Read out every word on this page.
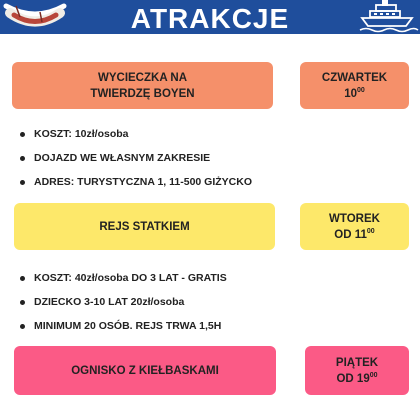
ATRAKCJE
WYCIECZKA NA
TWIERDZĘ BOYEN
CZWARTEK
$10^{00}$
KOSZT: 10zł/osoba
DOJAZD WE WŁASNYM ZAKRESIE
ADRES: TURYSTYCZNA 1, 11-500 GIŻYCKO
REJS STATKIEM
WTOREK
OD $11^{00}$
KOSZT: 40zł/osoba DO 3 LAT - GRATIS
DZIECKO 3-10 LAT 20zł/osoba
MINIMUM 20 OSÓB. REJS TRWA 1,5H
OGNISKO Z KIEŁBASKAMI
PIĄTEK
OD $19^{00}$
